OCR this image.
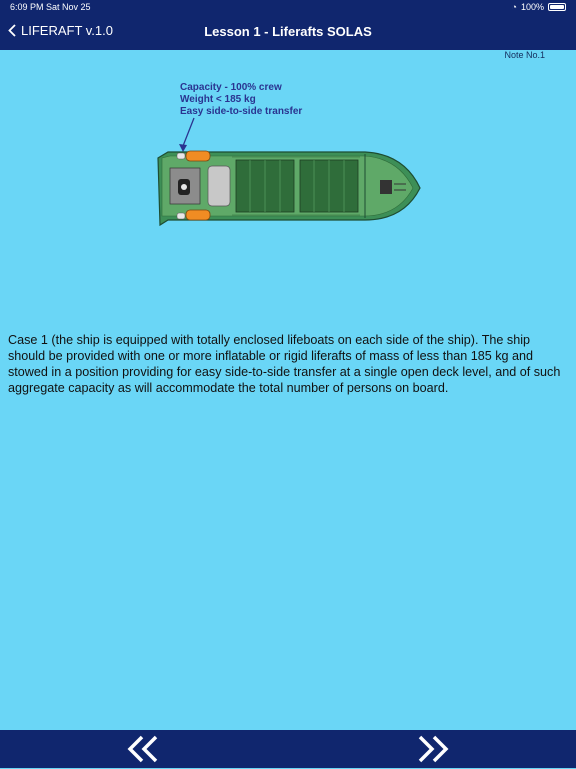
6:09 PM Sat Nov 25	◔ 100%
LIFERAFT v.1.0	Lesson 1 - Liferafts SOLAS
Note No.1
Capacity - 100% crew
Weight < 185 kg
Easy side-to-side transfer
Case 1 (the ship is equipped with totally enclosed lifeboats on each side of the ship). The ship should be provided with one or more inflatable or rigid liferafts of mass of less than 185 kg and stowed in a position providing for easy side-to-side transfer at a single open deck level, and of such aggregate capacity as will accommodate the total number of persons on board.
